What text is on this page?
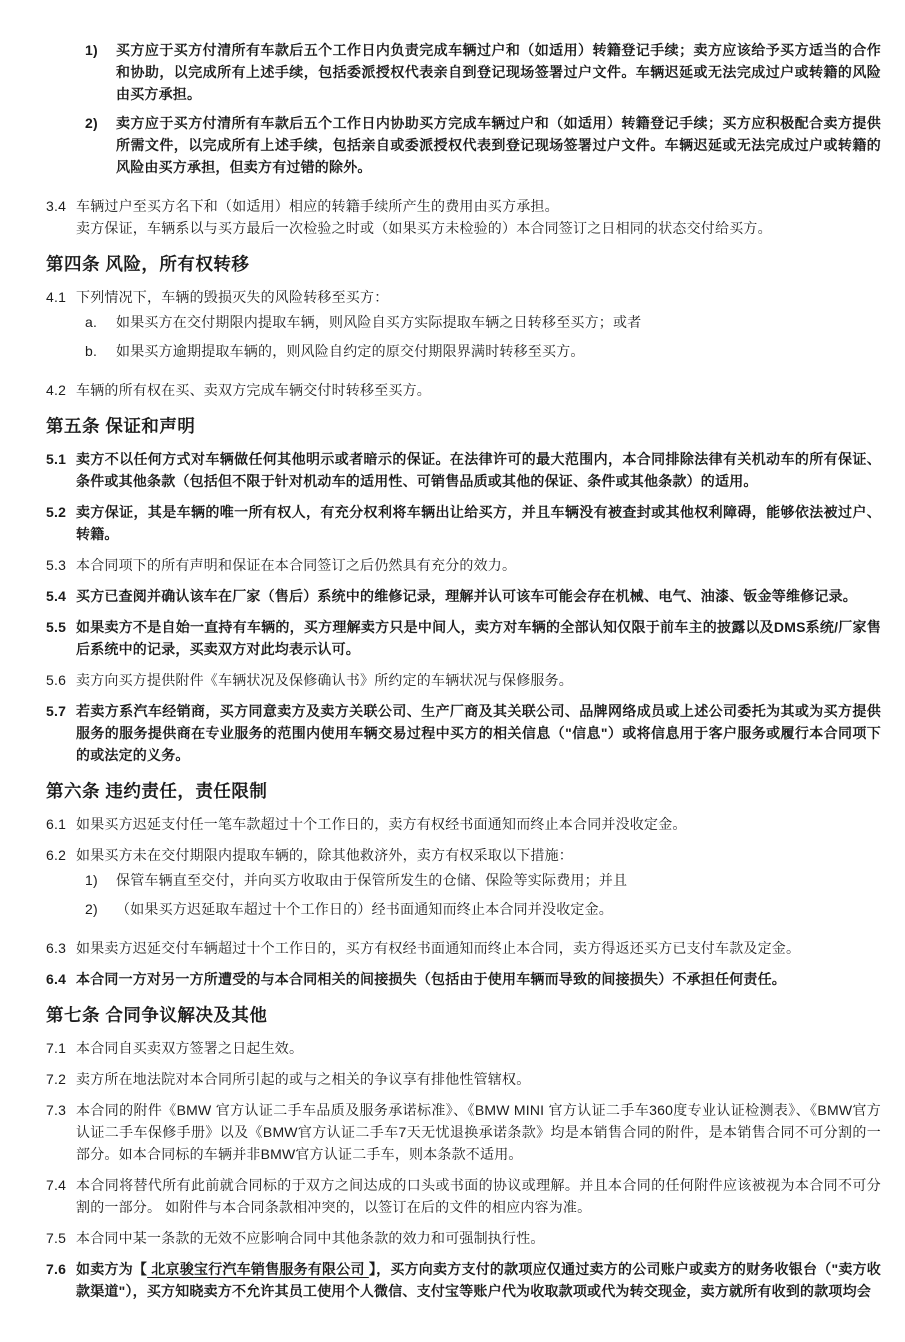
1)	买方应于买方付清所有车款后五个工作日内负责完成车辆过户和（如适用）转籍登记手续；卖方应该给予买方适当的合作和协助，以完成所有上述手续，包括委派授权代表亲自到登记现场签署过户文件。车辆迟延或无法完成过户或转籍的风险由买方承担。
2)	卖方应于买方付清所有车款后五个工作日内协助买方完成车辆过户和（如适用）转籍登记手续；买方应积极配合卖方提供所需文件，以完成所有上述手续，包括亲自或委派授权代表到登记现场签署过户文件。车辆迟延或无法完成过户或转籍的风险由买方承担，但卖方有过错的除外。
3.4 车辆过户至买方名下和（如适用）相应的转籍手续所产生的费用由买方承担。
卖方保证，车辆系以与买方最后一次检验之时或（如果买方未检验的）本合同签订之日相同的状态交付给买方。
第四条 风险，所有权转移
4.1 下列情况下，车辆的毁损灭失的风险转移至买方：
a.	如果买方在交付期限内提取车辆，则风险自买方实际提取车辆之日转移至买方；或者
b.	如果买方逾期提取车辆的，则风险自约定的原交付期限界满时转移至买方。
4.2 车辆的所有权在买、卖双方完成车辆交付时转移至买方。
第五条 保证和声明
5.1 卖方不以任何方式对车辆做任何其他明示或者暗示的保证。在法律许可的最大范围内，本合同排除法律有关机动车的所有保证、条件或其他条款（包括但不限于针对机动车的适用性、可销售品质或其他的保证、条件或其他条款）的适用。
5.2 卖方保证，其是车辆的唯一所有权人，有充分权利将车辆出让给买方，并且车辆没有被查封或其他权利障碍，能够依法被过户、转籍。
5.3 本合同项下的所有声明和保证在本合同签订之后仍然具有充分的效力。
5.4 买方已查阅并确认该车在厂家（售后）系统中的维修记录，理解并认可该车可能会存在机械、电气、油漆、钣金等维修记录。
5.5 如果卖方不是自始一直持有车辆的，买方理解卖方只是中间人，卖方对车辆的全部认知仅限于前车主的披露以及DMS系统/厂家售后系统中的记录，买卖双方对此均表示认可。
5.6 卖方向买方提供附件《车辆状况及保修确认书》所约定的车辆状况与保修服务。
5.7 若卖方系汽车经销商，买方同意卖方及卖方关联公司、生产厂商及其关联公司、品牌网络成员或上述公司委托为其或为买方提供服务的服务提供商在专业服务的范围内使用车辆交易过程中买方的相关信息（"信息"）或将信息用于客户服务或履行本合同项下的或法定的义务。
第六条 违约责任，责任限制
6.1 如果买方迟延支付任一笔车款超过十个工作日的，卖方有权经书面通知而终止本合同并没收定金。
6.2 如果买方未在交付期限内提取车辆的，除其他救济外，卖方有权采取以下措施：
1)	保管车辆直至交付，并向买方收取由于保管所发生的仓储、保险等实际费用；并且
2)	（如果买方迟延取车超过十个工作日的）经书面通知而终止本合同并没收定金。
6.3 如果卖方迟延交付车辆超过十个工作日的，买方有权经书面通知而终止本合同，卖方得返还买方已支付车款及定金。
6.4 本合同一方对另一方所遭受的与本合同相关的间接损失（包括由于使用车辆而导致的间接损失）不承担任何责任。
第七条 合同争议解决及其他
7.1 本合同自买卖双方签署之日起生效。
7.2 卖方所在地法院对本合同所引起的或与之相关的争议享有排他性管辖权。
7.3 本合同的附件《BMW 官方认证二手车品质及服务承诺标准》、《BMW MINI 官方认证二手车360度专业认证检测表》、《BMW官方认证二手车保修手册》以及《BMW官方认证二手车7天无忧退换承诺条款》均是本销售合同的附件，是本销售合同不可分割的一部分。如本合同标的车辆并非BMW官方认证二手车，则本条款不适用。
7.4 本合同将替代所有此前就合同标的于双方之间达成的口头或书面的协议或理解。并且本合同的任何附件应该被视为本合同不可分割的一部分。 如附件与本合同条款相冲突的，以签订在后的文件的相应内容为准。
7.5 本合同中某一条款的无效不应影响合同中其他条款的效力和可强制执行性。
7.6 如卖方为【 北京骏宝行汽车销售服务有限公司 】，买方向卖方支付的款项应仅通过卖方的公司账户或卖方的财务收银台（"卖方收款渠道"），买方知晓卖方不允许其员工使用个人微信、支付宝等账户代为收取款项或代为转交现金，卖方就所有收到的款项均会
